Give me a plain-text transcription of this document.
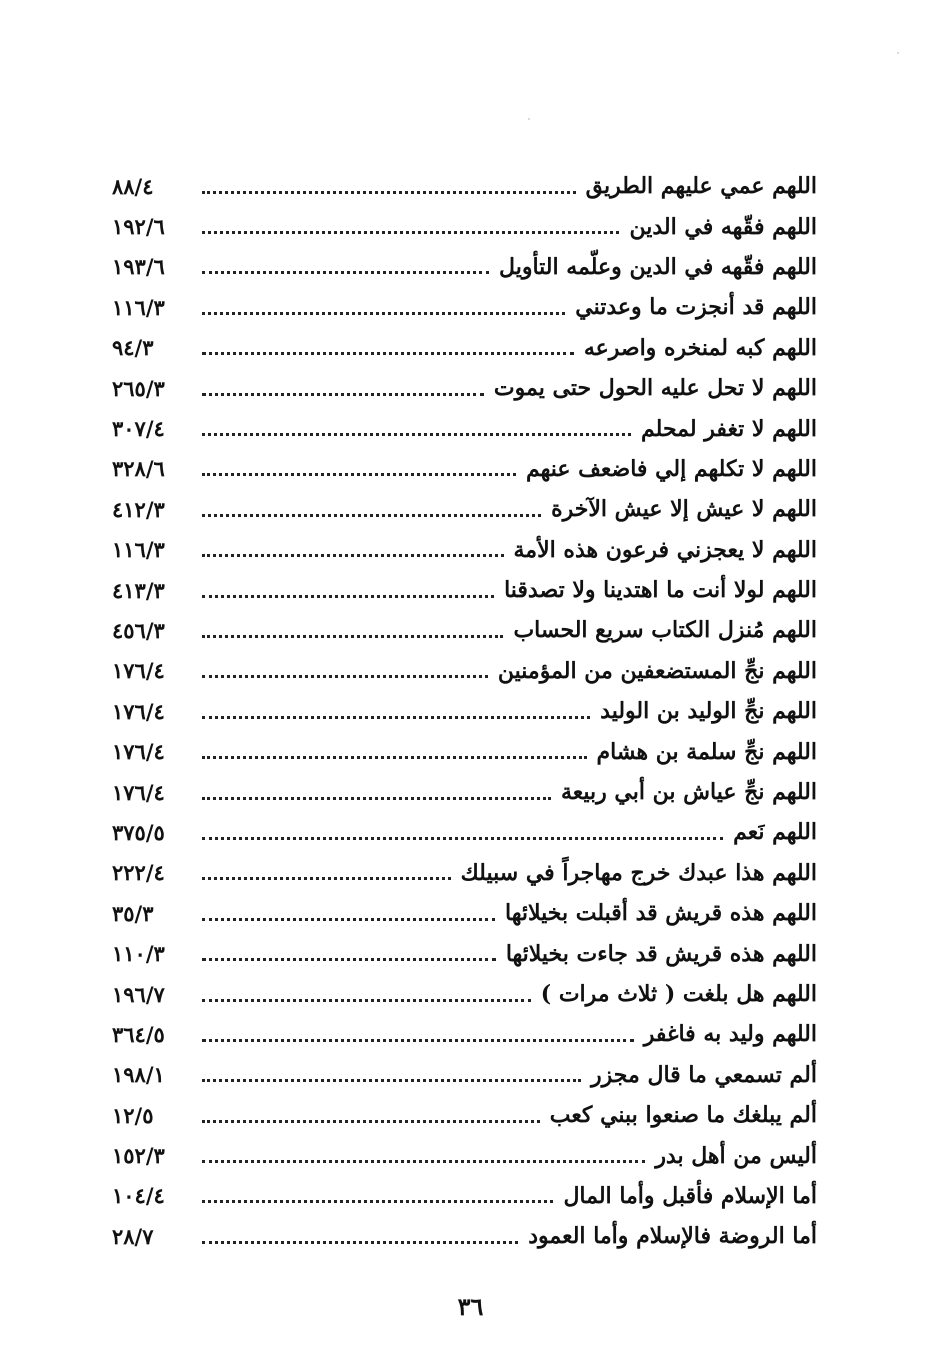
اللهم عمي عليهم الطريق
٨٨/٤
اللهم فقّهه في الدين
١٩٢/٦
اللهم فقّهه في الدين وعلّمه التأويل
١٩٣/٦
اللهم قد أنجزت ما وعدتني
١١٦/٣
اللهم كبه لمنخره واصرعه
٩٤/٣
اللهم لا تحل عليه الحول حتى يموت
٢٦٥/٣
اللهم لا تغفر لمحلم
٣٠٧/٤
اللهم لا تكلهم إلي فاضعف عنهم
٣٢٨/٦
اللهم لا عيش إلا عيش الآخرة
٤١٢/٣
اللهم لا يعجزني فرعون هذه الأمة
١١٦/٣
اللهم لولا أنت ما اهتدينا ولا تصدقنا
٤١٣/٣
اللهم مُنزل الكتاب سريع الحساب
٤٥٦/٣
اللهم نجِّ المستضعفين من المؤمنين
١٧٦/٤
اللهم نجِّ الوليد بن الوليد
١٧٦/٤
اللهم نجِّ سلمة بن هشام
١٧٦/٤
اللهم نجِّ عياش بن أبي ربيعة
١٧٦/٤
اللهم نَعم
٣٧٥/٥
اللهم هذا عبدك خرج مهاجراً في سبيلك
٢٢٢/٤
اللهم هذه قريش قد أقبلت بخيلائها
٣٥/٣
اللهم هذه قريش قد جاءت بخيلائها
١١٠/٣
اللهم هل بلغت ( ثلاث مرات )
١٩٦/٧
اللهم وليد به فاغفر
٣٦٤/٥
ألم تسمعي ما قال مجزر
١٩٨/١
ألم يبلغك ما صنعوا ببني كعب
١٢/٥
أليس من أهل بدر
١٥٢/٣
أما الإسلام فأقبل وأما المال
١٠٤/٤
أما الروضة فالإسلام وأما العمود
٢٨/٧
٣٦
